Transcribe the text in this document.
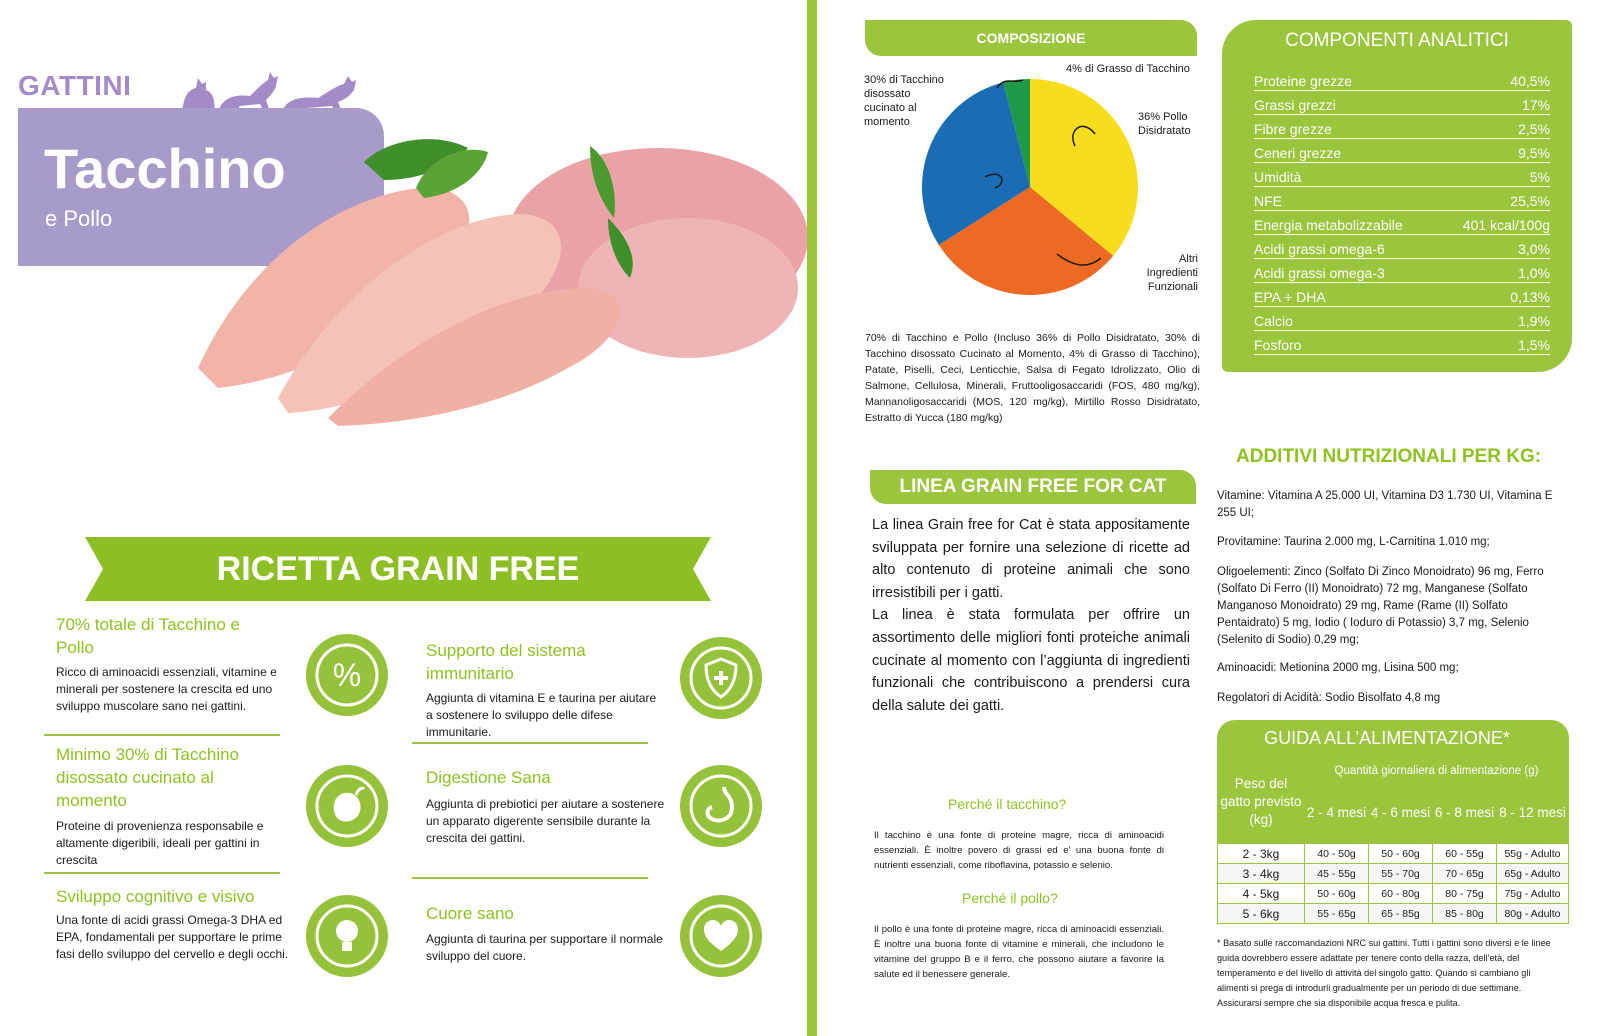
GATTINI
Tacchino
e Pollo
RICETTA GRAIN FREE
70% totale di Tacchino e Pollo
Ricco di aminoacidi essenziali, vitamine e minerali per sostenere la crescita ed uno sviluppo muscolare sano nei gattini.
Minimo 30% di Tacchino disossato cucinato al momento
Proteine di provenienza responsabile e altamente digeribili, ideali per gattini in crescita
Sviluppo cognitivo e visivo
Una fonte di acidi grassi Omega-3 DHA ed EPA, fondamentali per supportare le prime fasi dello sviluppo del cervello e degli occhi.
%
Supporto del sistema immunitario
Aggiunta di vitamina E e taurina per aiutare a sostenere lo sviluppo delle difese immunitarie.
Digestione Sana
Aggiunta di prebiotici per aiutare a sostenere un apparato digerente sensibile durante la crescita dei gattini.
Cuore sano
Aggiunta di taurina per supportare il normale sviluppo del cuore.
COMPOSIZIONE
4% di Grasso di Tacchino
36% Pollo Disidratato
30% di Tacchino disossato cucinato al momento
Altri Ingredienti Funzionali
70% di Tacchino e Pollo (Incluso 36% di Pollo Disidratato, 30% di Tacchino disossato Cucinato al Momento, 4% di Grasso di Tacchino), Patate, Piselli, Ceci, Lenticchie, Salsa di Fegato Idrolizzato, Olio di Salmone, Cellulosa, Minerali, Fruttooligosaccaridi (FOS, 480 mg/kg), Mannanoligosaccaridi (MOS, 120 mg/kg), Mirtillo Rosso Disidratato, Estratto di Yucca (180 mg/kg)
COMPONENTI ANALITICI
Proteine grezze	40,5%
Grassi grezzi	17%
Fibre grezze	2,5%
Ceneri grezze	9,5%
Umidità	5%
NFE	25,5%
Energia metabolizzabile	401 kcal/100g
Acidi grassi omega-6	3,0%
Acidi grassi omega-3	1,0%
EPA + DHA	0,13%
Calcio	1,9%
Fosforo	1,5%
LINEA GRAIN FREE FOR CAT
La linea Grain free for Cat è stata appositamente sviluppata per fornire una selezione di ricette ad alto contenuto di proteine animali che sono irresistibili per i gatti.
La linea è stata formulata per offrire un assortimento delle migliori fonti proteiche animali cucinate al momento con l’aggiunta di ingredienti funzionali che contribuiscono a prendersi cura della salute dei gatti.
Perché il tacchino?
Il tacchino è una fonte di proteine magre, ricca di aminoacidi essenziali. È inoltre povero di grassi ed e’ una buona fonte di nutrienti essenziali, come riboflavina, potassio e selenio.
Perché il pollo?
Il pollo è una fonte di proteine magre, ricca di aminoacidi essenziali. È inoltre una buona fonte di vitamine e minerali, che includono le vitamine del gruppo B e il ferro, che possono aiutare a favorire la salute ed il benessere generale.
ADDITIVI NUTRIZIONALI PER KG:
Vitamine: Vitamina A 25.000 UI, Vitamina D3 1.730 UI, Vitamina E 255 UI;
Provitamine: Taurina 2.000 mg, L-Carnitina 1.010 mg;
Oligoelementi: Zinco (Solfato Di Zinco Monoidrato) 96 mg, Ferro (Solfato Di Ferro (II) Monoidrato) 72 mg, Manganese (Solfato Manganoso Monoidrato) 29 mg, Rame (Rame (II) Solfato Pentaidrato) 5 mg, Iodio ( Ioduro di Potassio) 3,7 mg, Selenio (Selenito di Sodio) 0,29 mg;
Aminoacidi: Metionina 2000 mg, Lisina 500 mg;
Regolatori di Acidità: Sodio Bisolfato 4,8 mg
GUIDA ALL’ALIMENTAZIONE*
Peso del gatto previsto (kg)	Quantità giornaliera di alimentazione (g)			
	2 - 4 mesi	4 - 6 mesi	6 - 8 mesi	8 - 12 mesi
2 - 3kg	40 - 50g	50 - 60g	60 - 55g	55g - Adulto
3 - 4kg	45 - 55g	55 - 70g	70 - 65g	65g - Adulto
4 - 5kg	50 - 60g	60 - 80g	80 - 75g	75g - Adulto
5 - 6kg	55 - 65g	65 - 85g	85 - 80g	80g - Adulto
* Basato sulle raccomandazioni NRC sui gattini. Tutti i gattini sono diversi e le linee guida dovrebbero essere adattate per tenere conto della razza, dell’età, del temperamento e del livello di attività del singolo gatto. Quando si cambiano gli alimenti si prega di introdurli gradualmente per un periodo di due settimane. Assicurarsi sempre che sia disponibile acqua fresca e pulita.
